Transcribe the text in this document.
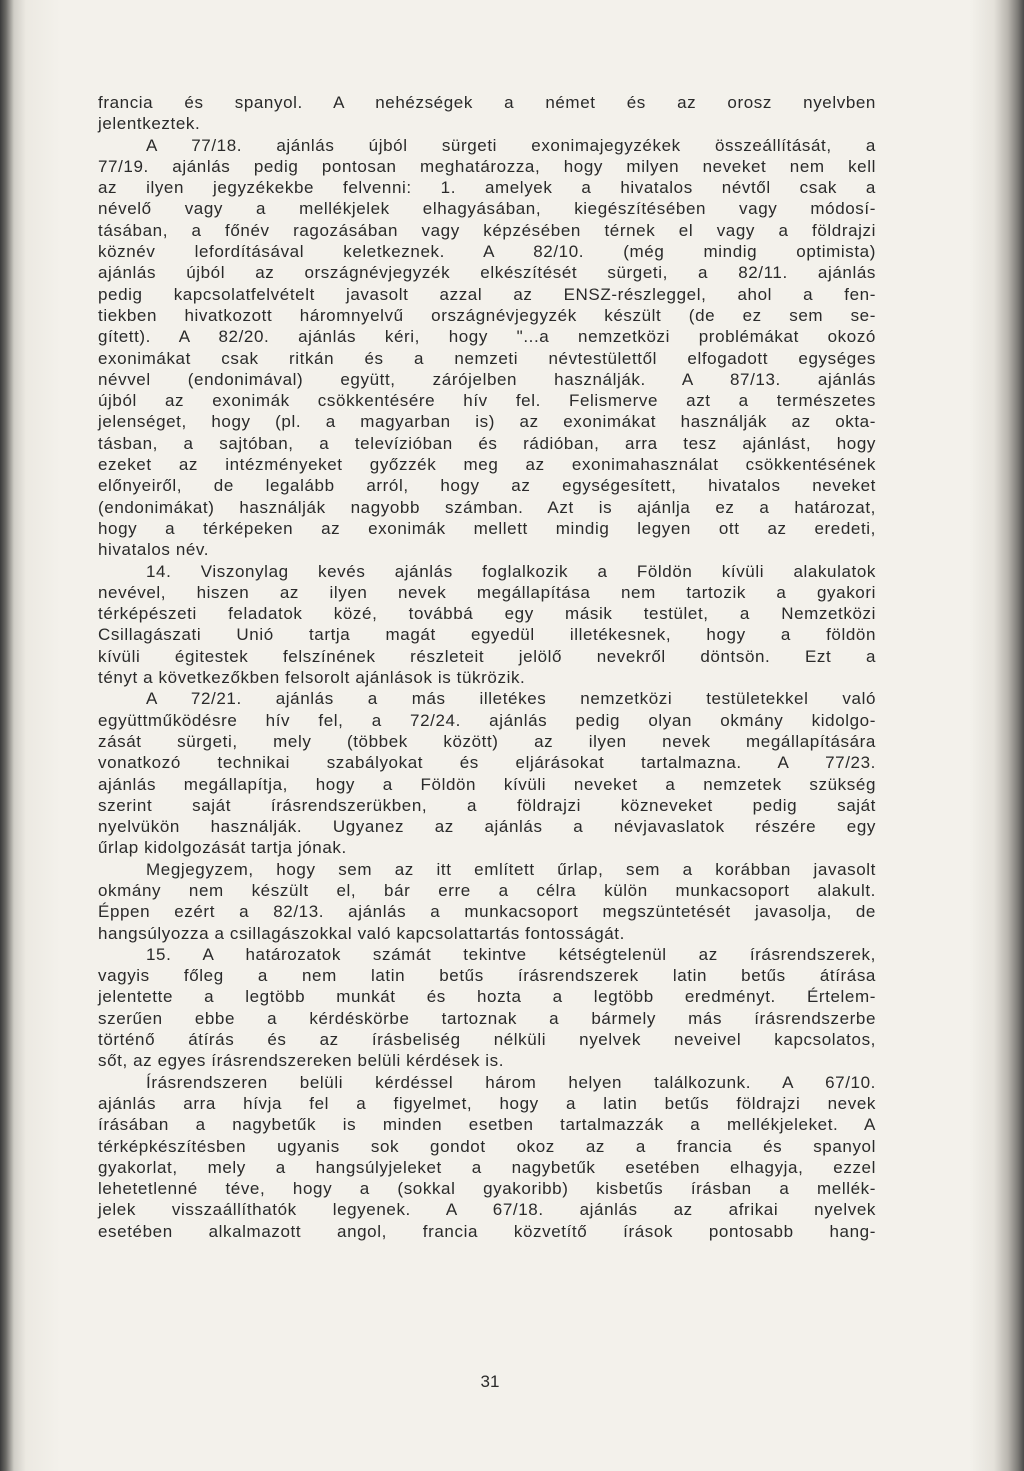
francia és spanyol. A nehézségek a német és az orosz nyelvben
jelentkeztek.
A 77/18. ajánlás újból sürgeti exonimajegyzékek összeállítását, a
77/19. ajánlás pedig pontosan meghatározza, hogy milyen neveket nem kell
az ilyen jegyzékekbe felvenni: 1. amelyek a hivatalos névtől csak a
névelő vagy a mellékjelek elhagyásában, kiegészítésében vagy módosí-
tásában, a főnév ragozásában vagy képzésében térnek el vagy a földrajzi
köznév lefordításával keletkeznek. A 82/10. (még mindig optimista)
ajánlás újból az országnévjegyzék elkészítését sürgeti, a 82/11. ajánlás
pedig kapcsolatfelvételt javasolt azzal az ENSZ-részleggel, ahol a fen-
tiekben hivatkozott háromnyelvű országnévjegyzék készült (de ez sem se-
gített). A 82/20. ajánlás kéri, hogy "...a nemzetközi problémákat okozó
exonimákat csak ritkán és a nemzeti névtestülettől elfogadott egységes
névvel (endonimával) együtt, zárójelben használják. A 87/13. ajánlás
újból az exonimák csökkentésére hív fel. Felismerve azt a természetes
jelenséget, hogy (pl. a magyarban is) az exonimákat használják az okta-
tásban, a sajtóban, a televízióban és rádióban, arra tesz ajánlást, hogy
ezeket az intézményeket győzzék meg az exonimahasználat csökkentésének
előnyeiről, de legalább arról, hogy az egységesített, hivatalos neveket
(endonimákat) használják nagyobb számban. Azt is ajánlja ez a határozat,
hogy a térképeken az exonimák mellett mindig legyen ott az eredeti,
hivatalos név.
14. Viszonylag kevés ajánlás foglalkozik a Földön kívüli alakulatok
nevével, hiszen az ilyen nevek megállapítása nem tartozik a gyakori
térképészeti feladatok közé, továbbá egy másik testület, a Nemzetközi
Csillagászati Unió tartja magát egyedül illetékesnek, hogy a földön
kívüli égitestek felszínének részleteit jelölő nevekről döntsön. Ezt a
tényt a következőkben felsorolt ajánlások is tükrözik.
A 72/21. ajánlás a más illetékes nemzetközi testületekkel való
együttműködésre hív fel, a 72/24. ajánlás pedig olyan okmány kidolgo-
zását sürgeti, mely (többek között) az ilyen nevek megállapítására
vonatkozó technikai szabályokat és eljárásokat tartalmazna. A 77/23.
ajánlás megállapítja, hogy a Földön kívüli neveket a nemzetek szükség
szerint saját írásrendszerükben, a földrajzi közneveket pedig saját
nyelvükön használják. Ugyanez az ajánlás a névjavaslatok részére egy
űrlap kidolgozását tartja jónak.
Megjegyzem, hogy sem az itt említett űrlap, sem a korábban javasolt
okmány nem készült el, bár erre a célra külön munkacsoport alakult.
Éppen ezért a 82/13. ajánlás a munkacsoport megszüntetését javasolja, de
hangsúlyozza a csillagászokkal való kapcsolattartás fontosságát.
15. A határozatok számát tekintve kétségtelenül az írásrendszerek,
vagyis főleg a nem latin betűs írásrendszerek latin betűs átírása
jelentette a legtöbb munkát és hozta a legtöbb eredményt. Értelem-
szerűen ebbe a kérdéskörbe tartoznak a bármely más írásrendszerbe
történő átírás és az írásbeliség nélküli nyelvek neveivel kapcsolatos,
sőt, az egyes írásrendszereken belüli kérdések is.
Írásrendszeren belüli kérdéssel három helyen találkozunk. A 67/10.
ajánlás arra hívja fel a figyelmet, hogy a latin betűs földrajzi nevek
írásában a nagybetűk is minden esetben tartalmazzák a mellékjeleket. A
térképkészítésben ugyanis sok gondot okoz az a francia és spanyol
gyakorlat, mely a hangsúlyjeleket a nagybetűk esetében elhagyja, ezzel
lehetetlenné téve, hogy a (sokkal gyakoribb) kisbetűs írásban a mellék-
jelek visszaállíthatók legyenek. A 67/18. ajánlás az afrikai nyelvek
esetében alkalmazott angol, francia közvetítő írások pontosabb hang-
31
